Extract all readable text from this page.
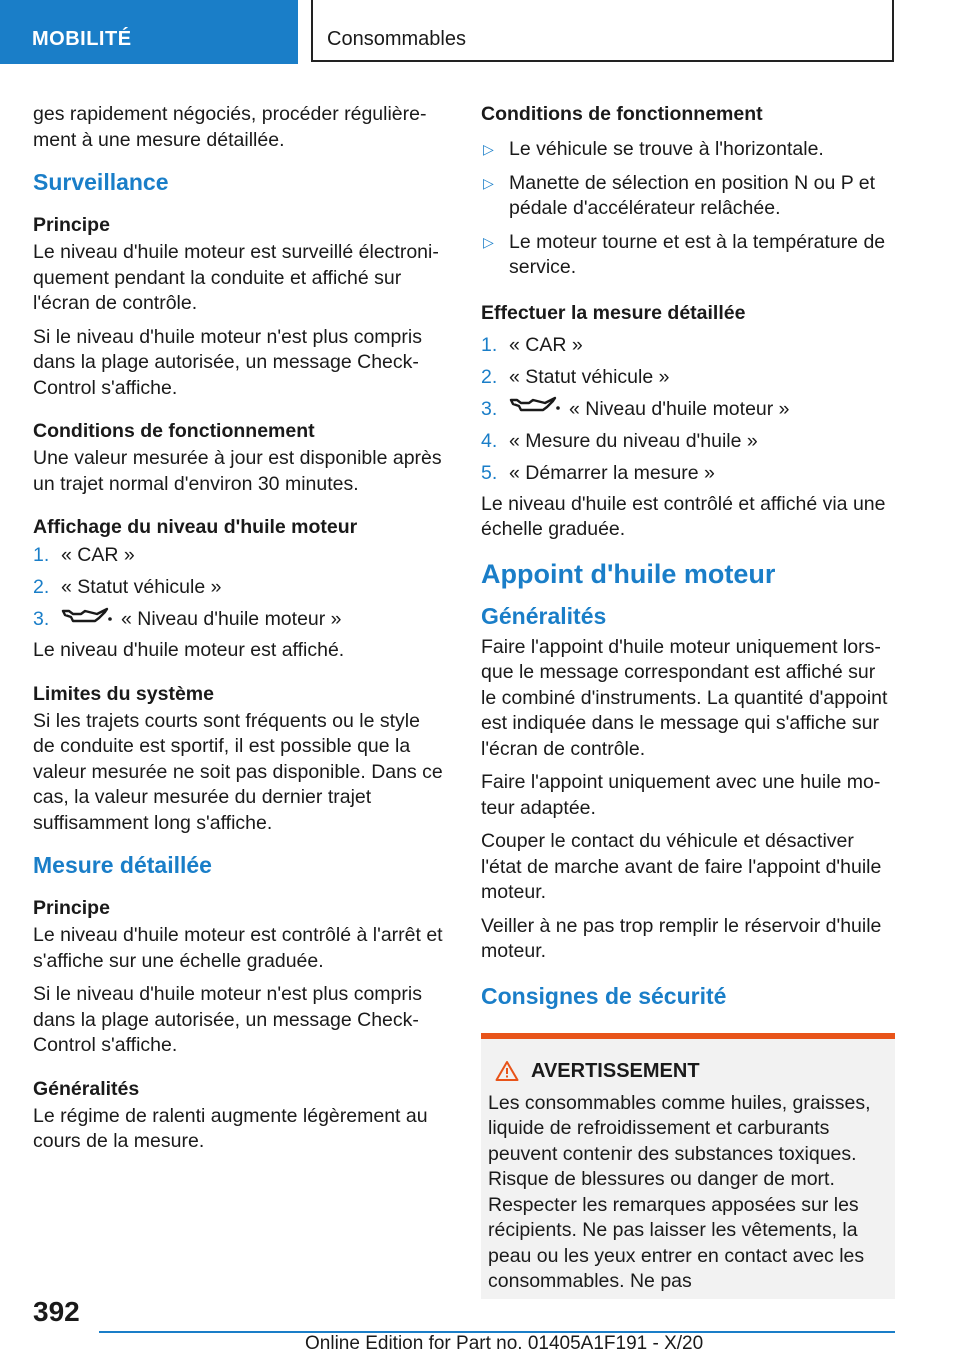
MOBILITÉ	Consommables

ges rapidement négociés, procéder régulièrement à une mesure détaillée.

Surveillance
Principe

Le niveau d'huile moteur est surveillé électroniquement pendant la conduite et affiché sur l'écran de contrôle.

Si le niveau d'huile moteur n'est plus compris dans la plage autorisée, un message Check-Control s'affiche.

Conditions de fonctionnement

Une valeur mesurée à jour est disponible après un trajet normal d'environ 30 minutes.

Affichage du niveau d'huile moteur
1. « CAR »
2. « Statut véhicule »
3.	« Niveau d'huile moteur »

Le niveau d'huile moteur est affiché.

Limites du système

Si les trajets courts sont fréquents ou le style de conduite est sportif, il est possible que la valeur mesurée ne soit pas disponible. Dans ce cas, la valeur mesurée du dernier trajet suffisamment long s'affiche.

Mesure détaillée
Principe

Le niveau d'huile moteur est contrôlé à l'arrêt et s'affiche sur une échelle graduée.

Si le niveau d'huile moteur n'est plus compris dans la plage autorisée, un message Check-Control s'affiche.

Généralités

Le régime de ralenti augmente légèrement au cours de la mesure.

Conditions de fonctionnement
▷ Le véhicule se trouve à l'horizontale.
▷ Manette de sélection en position N ou P et pédale d'accélérateur relâchée.
▷ Le moteur tourne et est à la température de service.
Effectuer la mesure détaillée
1. « CAR »
2. « Statut véhicule »
3.	« Niveau d'huile moteur »
4. « Mesure du niveau d'huile »
5. « Démarrer la mesure »

Le niveau d'huile est contrôlé et affiché via une échelle graduée.

Appoint d'huile moteur
Généralités

Faire l'appoint d'huile moteur uniquement lorsque le message correspondant est affiché sur le combiné d'instruments. La quantité d'appoint est indiquée dans le message qui s'affiche sur l'écran de contrôle.

Faire l'appoint uniquement avec une huile moteur adaptée.

Couper le contact du véhicule et désactiver l'état de marche avant de faire l'appoint d'huile moteur.

Veiller à ne pas trop remplir le réservoir d'huile moteur.

Consignes de sécurité
AVERTISSEMENT

Les consommables comme huiles, graisses, liquide de refroidissement et carburants peuvent contenir des substances toxiques. Risque de blessures ou danger de mort. Respecter les remarques apposées sur les récipients. Ne pas laisser les vêtements, la peau ou les yeux entrer en contact avec les consommables. Ne pas

392
Online Edition for Part no. 01405A1F191 - X/20
